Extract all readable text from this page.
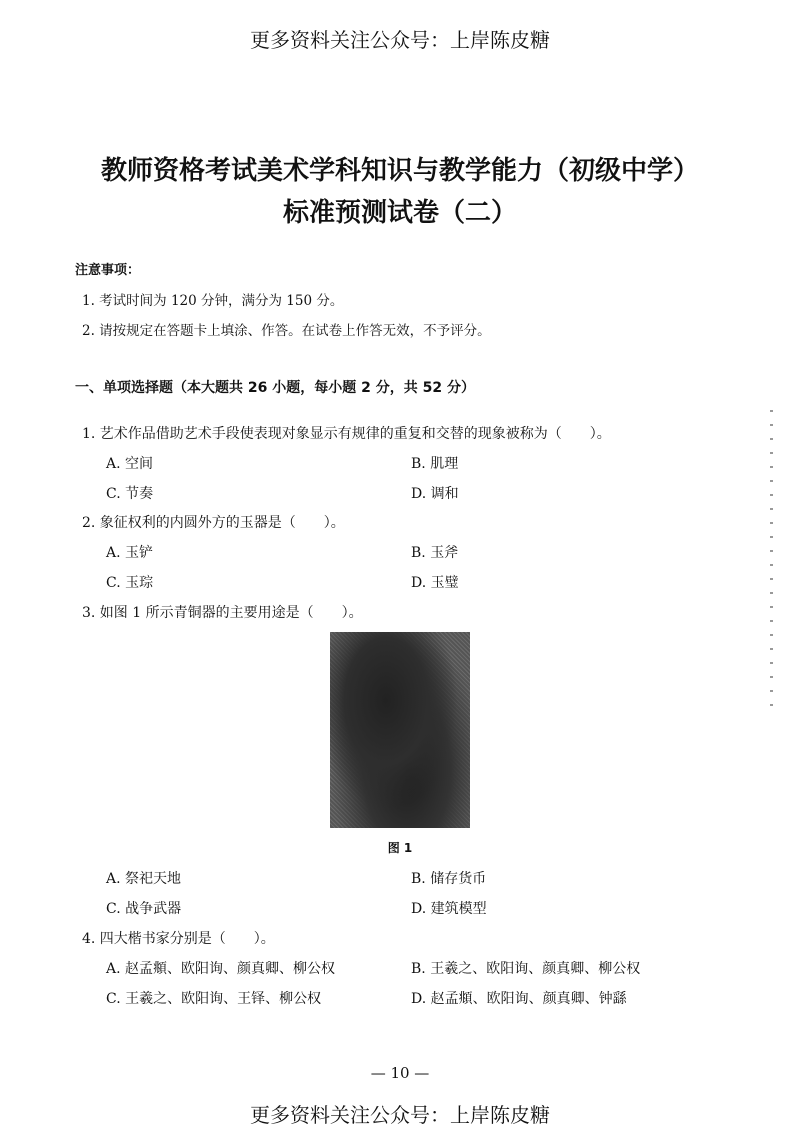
更多资料关注公众号：上岸陈皮糖
教师资格考试美术学科知识与教学能力（初级中学）
标准预测试卷（二）
注意事项：
1. 考试时间为 120 分钟，满分为 150 分。
2. 请按规定在答题卡上填涂、作答。在试卷上作答无效，不予评分。
一、单项选择题（本大题共 26 小题，每小题 2 分，共 52 分）
1. 艺术作品借助艺术手段使表现对象显示有规律的重复和交替的现象被称为（　　）。
A. 空间	B. 肌理
C. 节奏	D. 调和
2. 象征权利的内圆外方的玉器是（　　）。
A. 玉铲	B. 玉斧
C. 玉琮	D. 玉璧
3. 如图 1 所示青铜器的主要用途是（　　）。
图 1
A. 祭祀天地	B. 储存货币
C. 战争武器	D. 建筑模型
4. 四大楷书家分别是（　　）。
A. 赵孟頫、欧阳询、颜真卿、柳公权	B. 王羲之、欧阳询、颜真卿、柳公权
C. 王羲之、欧阳询、王铎、柳公权	D. 赵孟頫、欧阳询、颜真卿、钟繇
— 10 —
更多资料关注公众号：上岸陈皮糖
